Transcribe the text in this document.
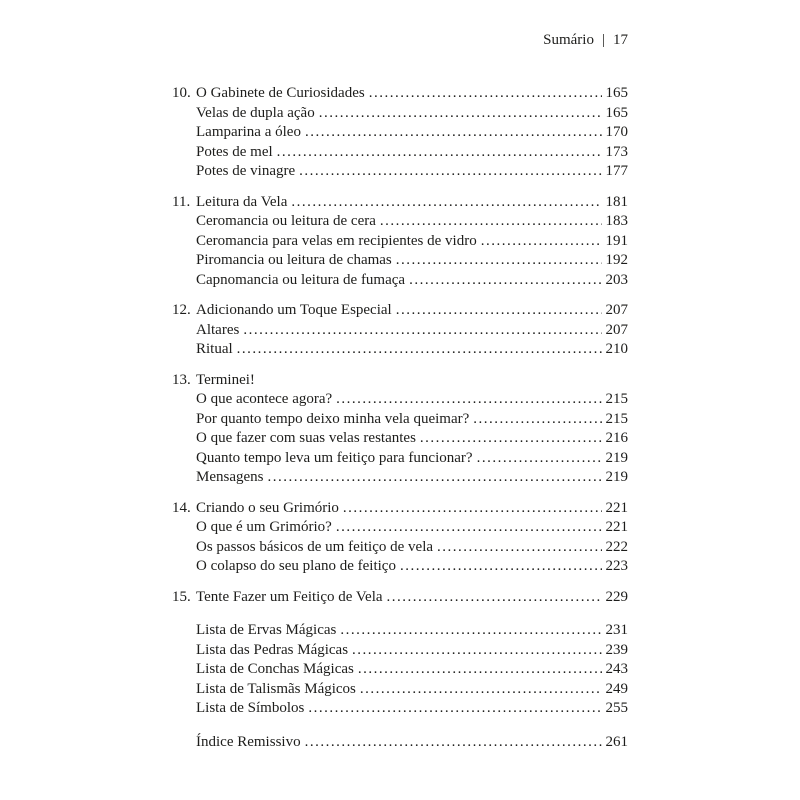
Sumário | 17
10. O Gabinete de Curiosidades .....	165
Velas de dupla ação .....	165
Lamparina a óleo .....	170
Potes de mel .....	173
Potes de vinagre .....	177
11. Leitura da Vela .....	181
Ceromancia ou leitura de cera .....	183
Ceromancia para velas em recipientes de vidro .....	191
Piromancia ou leitura de chamas .....	192
Capnomancia ou leitura de fumaça .....	203
12. Adicionando um Toque Especial .....	207
Altares .....	207
Ritual .....	210
13. Terminei!
O que acontece agora? .....	215
Por quanto tempo deixo minha vela queimar? .....	215
O que fazer com suas velas restantes .....	216
Quanto tempo leva um feitiço para funcionar? .....	219
Mensagens .....	219
14. Criando o seu Grimório .....	221
O que é um Grimório? .....	221
Os passos básicos de um feitiço de vela .....	222
O colapso do seu plano de feitiço .....	223
15. Tente Fazer um Feitiço de Vela .....	229
Lista de Ervas Mágicas .....	231
Lista das Pedras Mágicas .....	239
Lista de Conchas Mágicas .....	243
Lista de Talismãs Mágicos .....	249
Lista de Símbolos .....	255
Índice Remissivo .....	261
